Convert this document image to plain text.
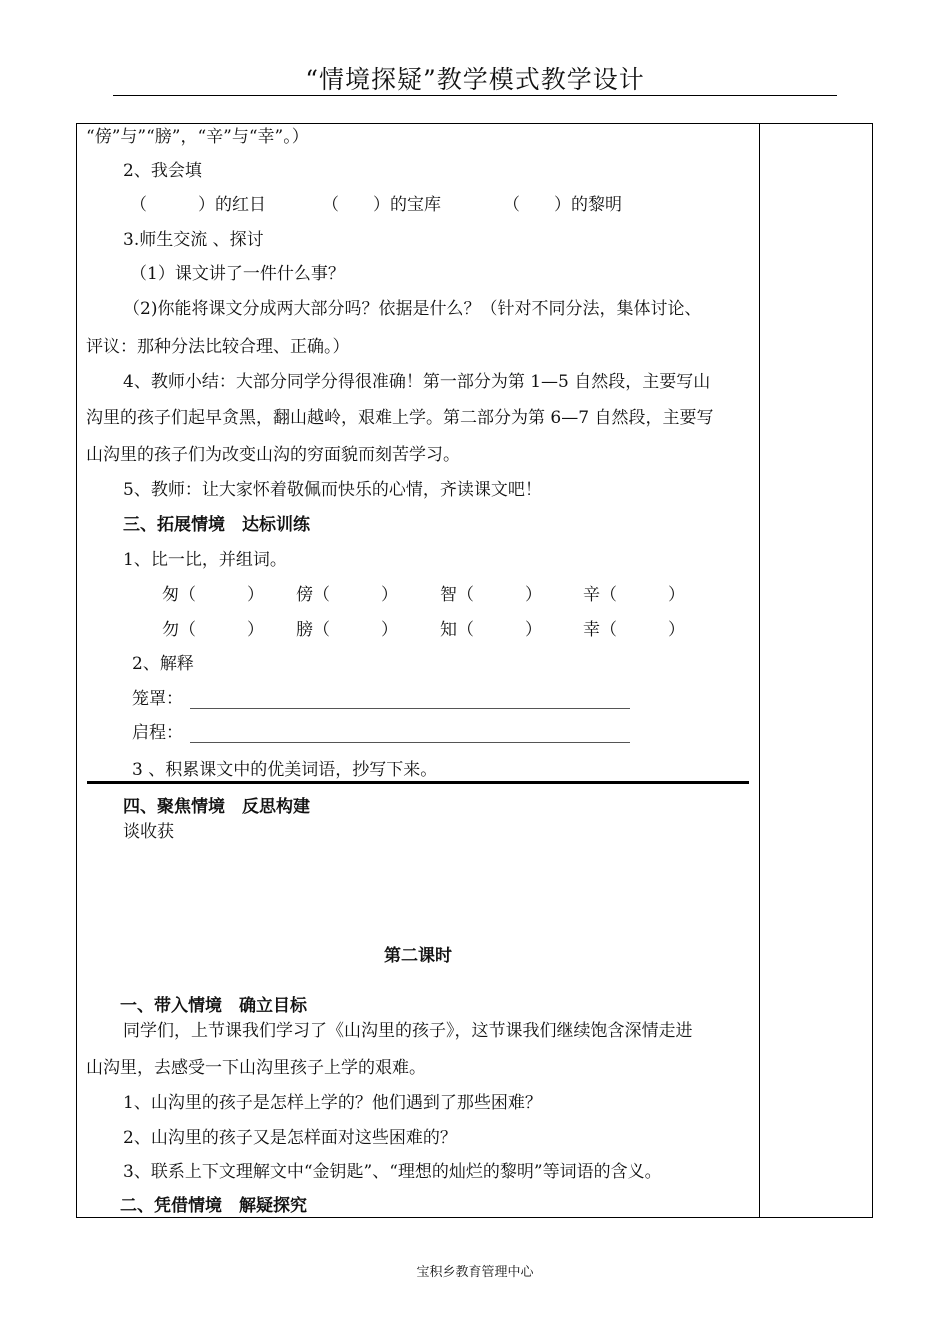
“情境探疑”教学模式教学设计
“傍”与”“膀”，“辛”与“幸”。）
2、我会填
（　　　）的红日	（　　）的宝库	（　　）的黎明
3.师生交流 、探讨
（1）课文讲了一件什么事？
（2)你能将课文分成两大部分吗？依据是什么？（针对不同分法，集体讨论、
评议：那种分法比较合理、正确。）
4、教师小结：大部分同学分得很准确！第一部分为第 1—5 自然段，主要写山
沟里的孩子们起早贪黑，翻山越岭，艰难上学。第二部分为第 6—7 自然段，主要写
山沟里的孩子们为改变山沟的穷面貌而刻苦学习。
5、教师：让大家怀着敬佩而快乐的心情，齐读课文吧！
三、拓展情境　达标训练
1、比一比，并组词。
匆（　　　） 傍（　　　） 智（　　　） 辛（　　　）
勿（　　　） 膀（　　　） 知（　　　） 幸（　　　）
2、解释
笼罩：
启程：
3 、积累课文中的优美词语，抄写下来。
四、聚焦情境　反思构建
谈收获
第二课时
一、带入情境　确立目标
同学们，上节课我们学习了《山沟里的孩子》，这节课我们继续饱含深情走进
山沟里，去感受一下山沟里孩子上学的艰难。
1、山沟里的孩子是怎样上学的？他们遇到了那些困难？
2、山沟里的孩子又是怎样面对这些困难的？
3、联系上下文理解文中“金钥匙”、“理想的灿烂的黎明”等词语的含义。
二、凭借情境　解疑探究
宝积乡教育管理中心
